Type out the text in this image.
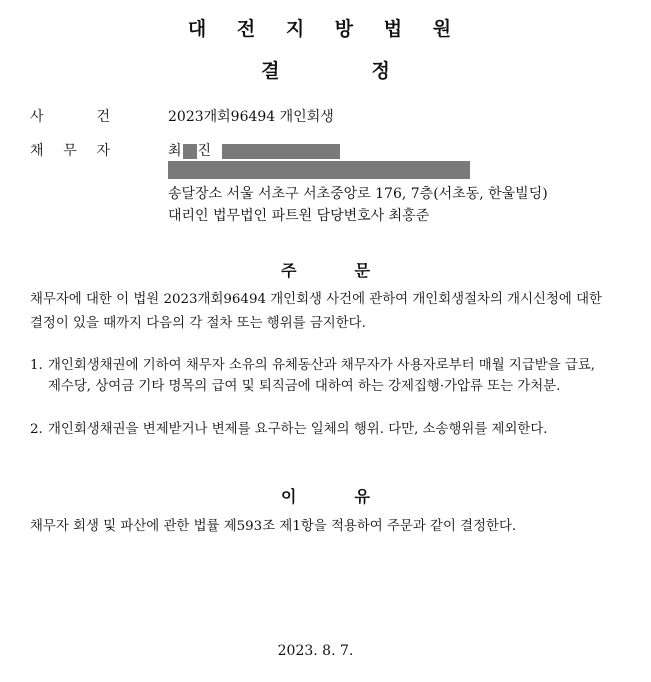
대 전 지 방 법 원
결	정
사	건	2023개회96494 개인회생
채 무 자	최 진
송달장소 서울 서초구 서초중앙로 176, 7층(서초동, 한울빌딩)
대리인 법무법인 파트원 담당변호사 최홍준
주	문
채무자에 대한 이 법원 2023개회96494 개인회생 사건에 관하여 개인회생절차의 개시신청에 대한 결정이 있을 때까지 다음의 각 절차 또는 행위를 금지한다.
1. 개인회생채권에 기하여 채무자 소유의 유체동산과 채무자가 사용자로부터 매월 지급받을 급료, 제수당, 상여금 기타 명목의 급여 및 퇴직금에 대하여 하는 강제집행·가압류 또는 가처분.
2. 개인회생채권을 변제받거나 변제를 요구하는 일체의 행위. 다만, 소송행위를 제외한다.
이	유
채무자 회생 및 파산에 관한 법률 제593조 제1항을 적용하여 주문과 같이 결정한다.
2023. 8. 7.
